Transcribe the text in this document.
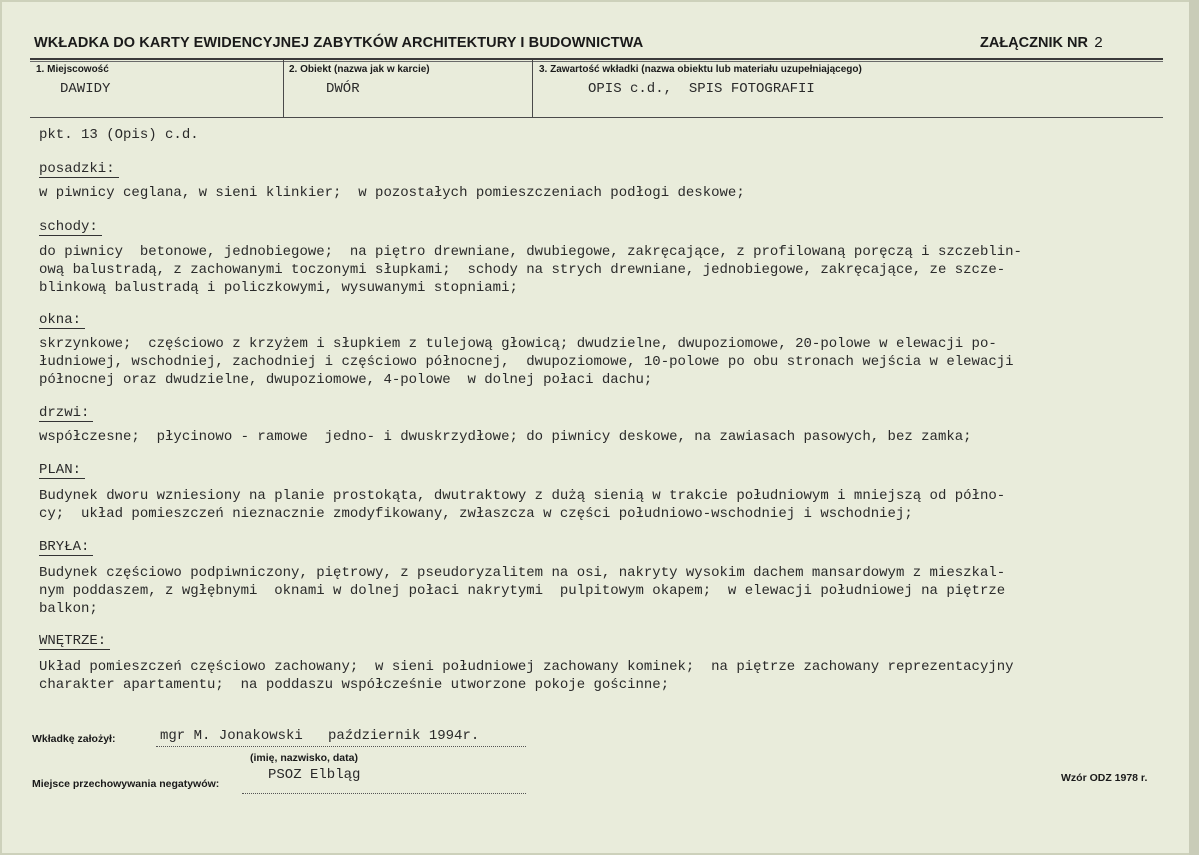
WKŁADKA DO KARTY EWIDENCYJNEJ ZABYTKÓW ARCHITEKTURY I BUDOWNICTWA	ZAŁĄCZNIK NR 2
1. Miejscowość
DAWIDY
2. Obiekt (nazwa jak w karcie)
DWÓR
3. Zawartość wkładki (nazwa obiektu lub materiału uzupełniającego)
OPIS c.d.,  SPIS FOTOGRAFII
pkt. 13 (Opis) c.d.
posadzki:
w piwnicy ceglana, w sieni klinkier;  w pozostałych pomieszczeniach podłogi deskowe;
schody:
do piwnicy  betonowe, jednobiegowe;  na piętro drewniane, dwubiegowe, zakręcające, z profilowaną poręczą i szczeblin-
ową balustradą, z zachowanymi toczonymi słupkami;  schody na strych drewniane, jednobiegowe, zakręcające, ze szcze-
blinkową balustradą i policzkowymi, wysuwanymi stopniami;
okna:
skrzynkowe;  częściowo z krzyżem i słupkiem z tulejową głowicą; dwudzielne, dwupoziomowe, 20-polowe w elewacji po-
łudniowej, wschodniej, zachodniej i częściowo północnej,  dwupoziomowe, 10-polowe po obu stronach wejścia w elewacji
północnej oraz dwudzielne, dwupoziomowe, 4-polowe  w dolnej połaci dachu;
drzwi:
współczesne;  płycinowo - ramowe  jedno- i dwuskrzydłowe; do piwnicy deskowe, na zawiasach pasowych, bez zamka;
PLAN:
Budynek dworu wzniesiony na planie prostokąta, dwutraktowy z dużą sienią w trakcie południowym i mniejszą od półno-
cy;  układ pomieszczeń nieznacznie zmodyfikowany, zwłaszcza w części południowo-wschodniej i wschodniej;
BRYŁA:
Budynek częściowo podpiwniczony, piętrowy, z pseudoryzalitem na osi, nakryty wysokim dachem mansardowym z mieszkal-
nym poddaszem, z wgłębnymi  oknami w dolnej połaci nakrytymi  pulpitowym okapem;  w elewacji południowej na piętrze
balkon;
WNĘTRZE:
Układ pomieszczeń częściowo zachowany;  w sieni południowej zachowany kominek;  na piętrze zachowany reprezentacyjny
charakter apartamentu;  na poddaszu współcześnie utworzone pokoje gościnne;
Wkładkę założył:	mgr M. Jonakowski   październik 1994r.
(imię, nazwisko, data)
Miejsce przechowywania negatywów:
PSOZ Elbląg	Wzór ODZ 1978 r.
